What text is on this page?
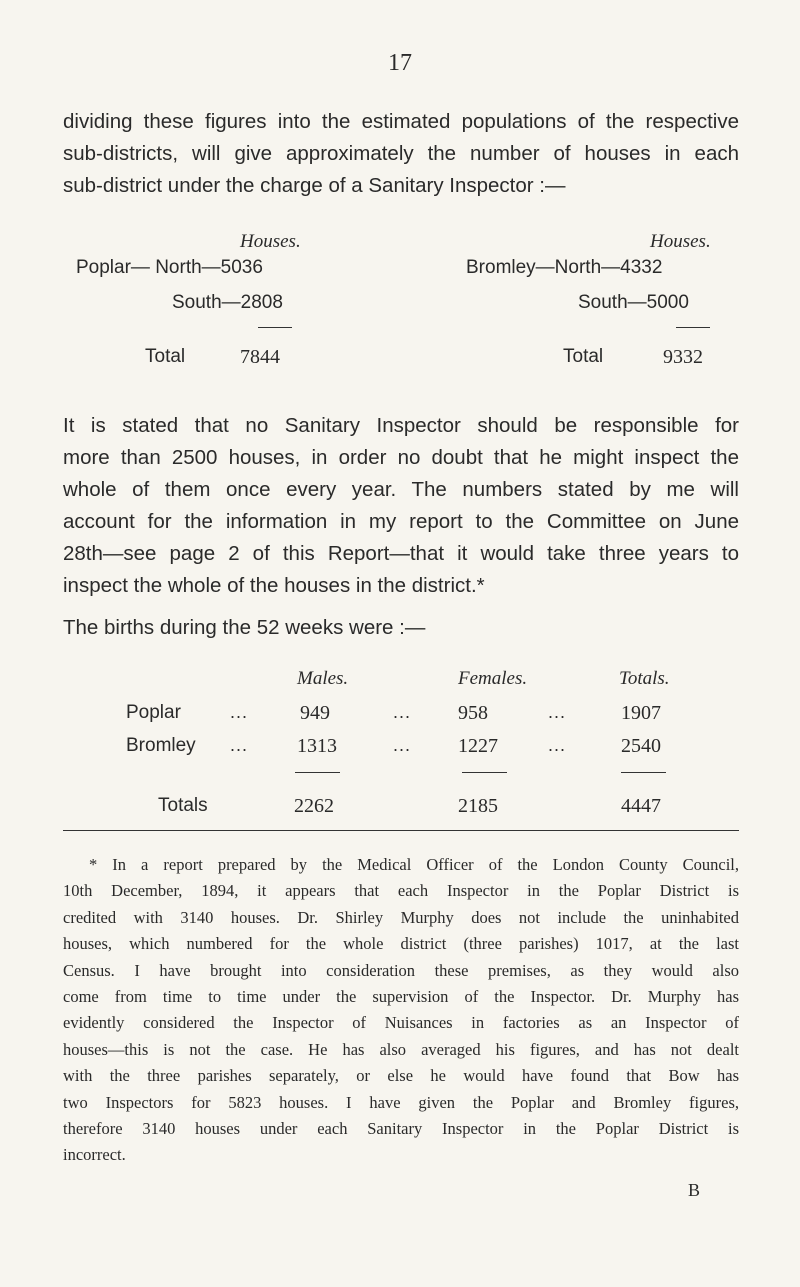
17
dividing these figures into the estimated populations of the respective
sub-districts, will give approximately the number of houses in each
sub-district under the charge of a Sanitary Inspector :—
Houses.	Houses.
Poplar— North—5036	Bromley—North—4332
South—2808	South—5000
Total	7844	Total	9332
It is stated that no Sanitary Inspector should be responsible for
more than 2500 houses, in order no doubt that he might inspect the
whole of them once every year. The numbers stated by me will
account for the information in my report to the Committee on June
28th—see page 2 of this Report—that it would take three years to
inspect the whole of the houses in the district.*
The births during the 52 weeks were :—
Males.	Females.	Totals.
Poplar	...	949	... 958	...	1907
Bromley ... 1313	... 1227	...	2540
Totals	2262	2185	4447
* In a report prepared by the Medical Officer of the London County Council,
10th December, 1894, it appears that each Inspector in the Poplar District is
credited with 3140 houses. Dr. Shirley Murphy does not include the uninhabited
houses, which numbered for the whole district (three parishes) 1017, at the last
Census. I have brought into consideration these premises, as they would also
come from time to time under the supervision of the Inspector. Dr. Murphy has
evidently considered the Inspector of Nuisances in factories as an Inspector of
houses—this is not the case. He has also averaged his figures, and has not dealt
with the three parishes separately, or else he would have found that Bow has
two Inspectors for 5823 houses. I have given the Poplar and Bromley figures,
therefore 3140 houses under each Sanitary Inspector in the Poplar District is
incorrect.
B
